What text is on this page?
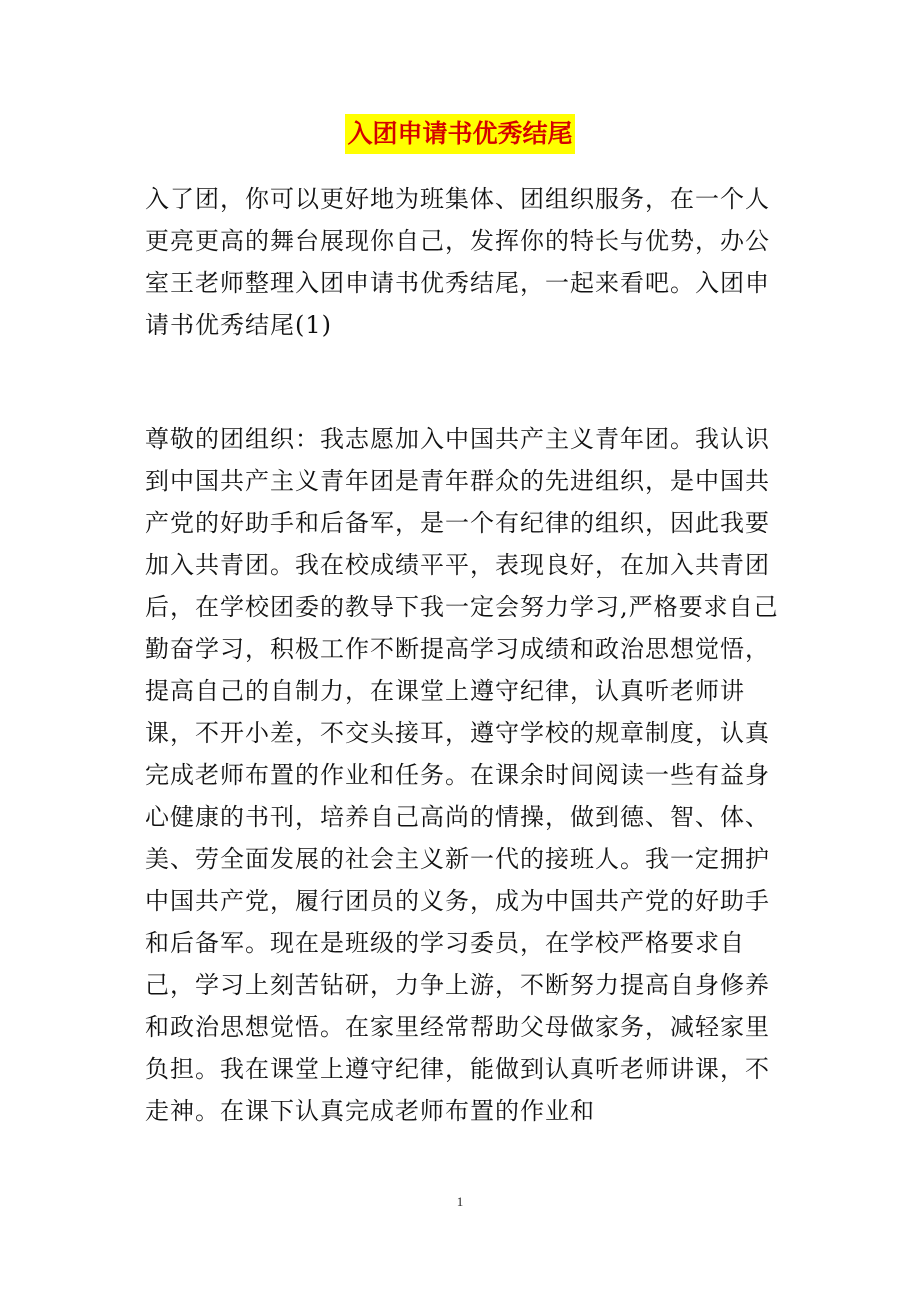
入团申请书优秀结尾
入了团，你可以更好地为班集体、团组织服务，在一个人更亮更高的舞台展现你自己，发挥你的特长与优势，办公室王老师整理入团申请书优秀结尾，一起来看吧。入团申请书优秀结尾(1)
尊敬的团组织：我志愿加入中国共产主义青年团。我认识到中国共产主义青年团是青年群众的先进组织，是中国共产党的好助手和后备军，是一个有纪律的组织，因此我要加入共青团。我在校成绩平平，表现良好，在加入共青团后，在学校团委的教导下我一定会努力学习,严格要求自己勤奋学习，积极工作不断提高学习成绩和政治思想觉悟，提高自己的自制力，在课堂上遵守纪律，认真听老师讲课，不开小差，不交头接耳，遵守学校的规章制度，认真完成老师布置的作业和任务。在课余时间阅读一些有益身心健康的书刊，培养自己高尚的情操，做到德、智、体、美、劳全面发展的社会主义新一代的接班人。我一定拥护中国共产党，履行团员的义务，成为中国共产党的好助手和后备军。现在是班级的学习委员，在学校严格要求自己，学习上刻苦钻研，力争上游，不断努力提高自身修养和政治思想觉悟。在家里经常帮助父母做家务，减轻家里负担。我在课堂上遵守纪律，能做到认真听老师讲课，不走神。在课下认真完成老师布置的作业和
1
